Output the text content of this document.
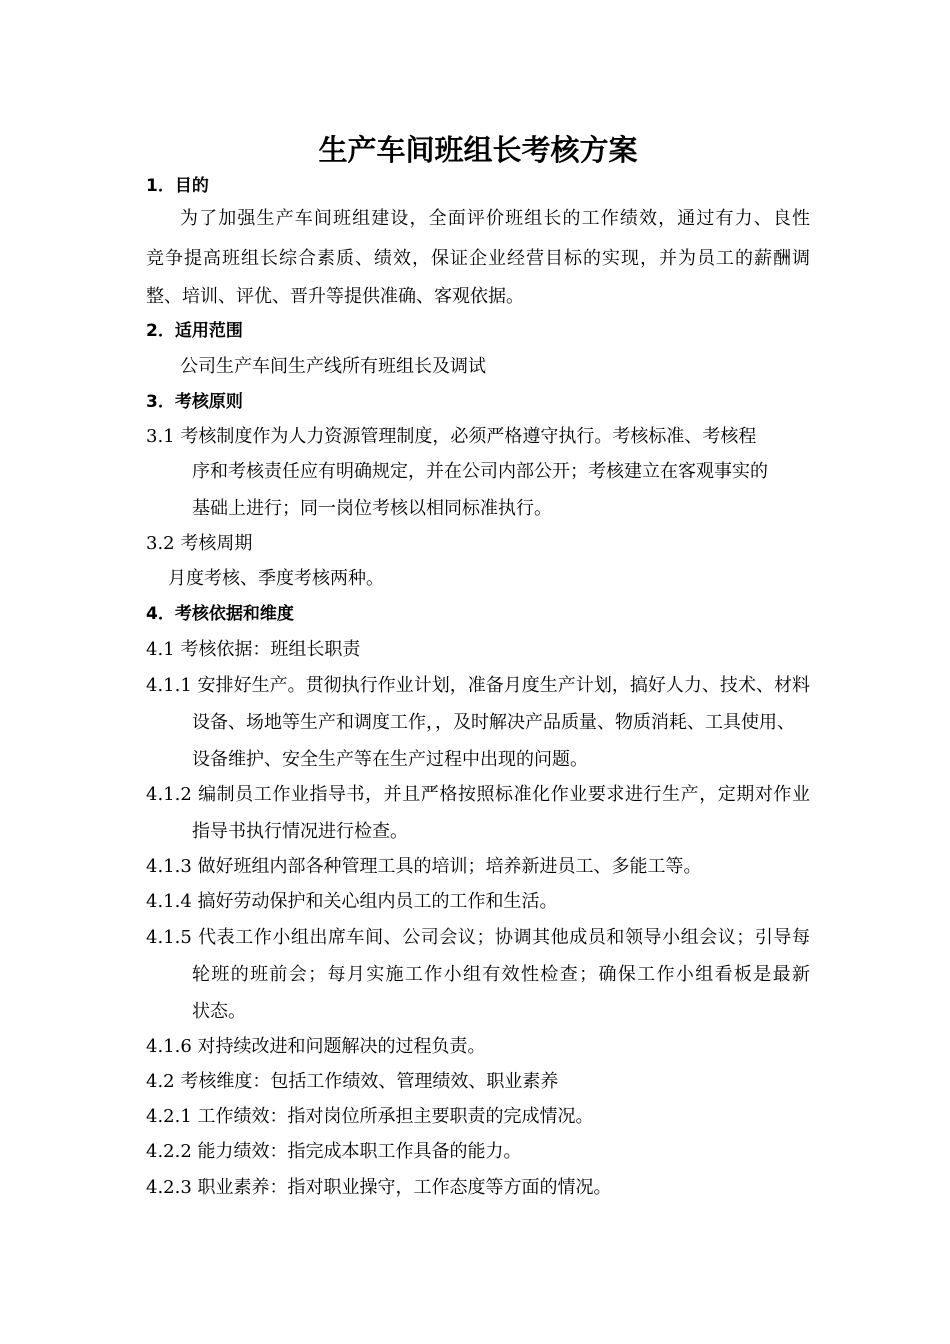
生产车间班组长考核方案
1．目的
为了加强生产车间班组建设，全面评价班组长的工作绩效，通过有力、良性
竞争提高班组长综合素质、绩效，保证企业经营目标的实现，并为员工的薪酬调
整、培训、评优、晋升等提供准确、客观依据。
2．适用范围
公司生产车间生产线所有班组长及调试
3．考核原则
3.1 考核制度作为人力资源管理制度，必须严格遵守执行。考核标准、考核程
序和考核责任应有明确规定，并在公司内部公开；考核建立在客观事实的
基础上进行；同一岗位考核以相同标准执行。
3.2 考核周期
月度考核、季度考核两种。
4．考核依据和维度
4.1 考核依据：班组长职责
4.1.1 安排好生产。贯彻执行作业计划，准备月度生产计划，搞好人力、技术、材料
设备、场地等生产和调度工作，，及时解决产品质量、物质消耗、工具使用、
设备维护、安全生产等在生产过程中出现的问题。
4.1.2 编制员工作业指导书，并且严格按照标准化作业要求进行生产，定期对作业
指导书执行情况进行检查。
4.1.3 做好班组内部各种管理工具的培训；培养新进员工、多能工等。
4.1.4 搞好劳动保护和关心组内员工的工作和生活。
4.1.5 代表工作小组出席车间、公司会议；协调其他成员和领导小组会议；引导每
轮班的班前会；每月实施工作小组有效性检查；确保工作小组看板是最新
状态。
4.1.6 对持续改进和问题解决的过程负责。
4.2 考核维度：包括工作绩效、管理绩效、职业素养
4.2.1 工作绩效：指对岗位所承担主要职责的完成情况。
4.2.2 能力绩效：指完成本职工作具备的能力。
4.2.3 职业素养：指对职业操守，工作态度等方面的情况。
